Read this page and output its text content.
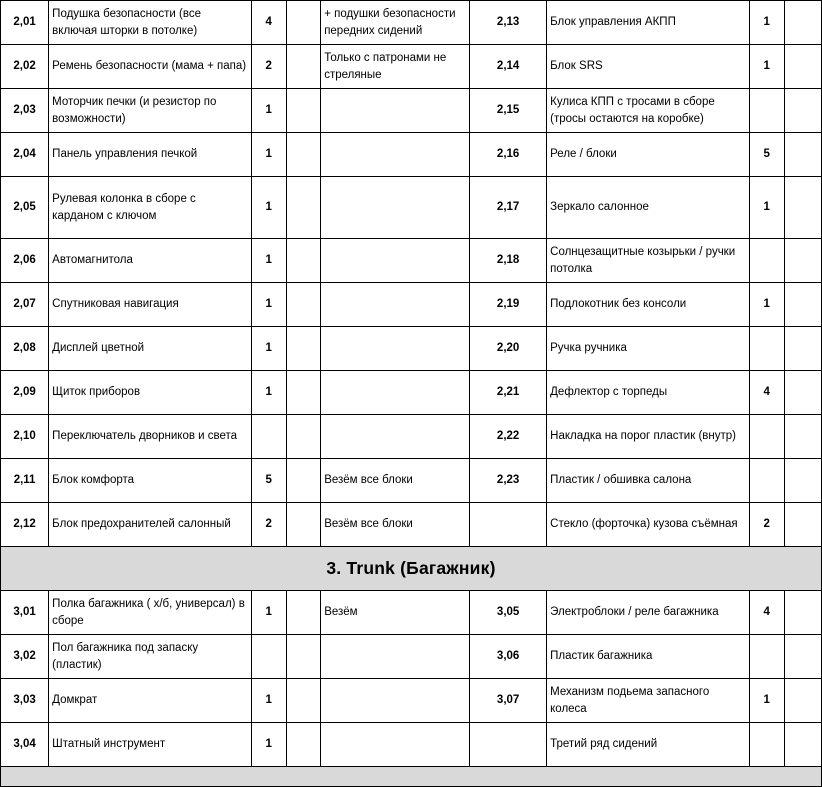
2,01	Подушка безопасности (все включая шторки в потолке)	4		+ подушки безопасности передних сидений	2,13	Блок управления АКПП	1	
2,02	Ремень безопасности (мама + папа)	2		Только с патронами не стреляные	2,14	Блок SRS	1	
2,03	Моторчик печки (и резистор по возможности)	1			2,15	Кулиса КПП с тросами в сборе (тросы остаются на коробке)		
2,04	Панель управления печкой	1			2,16	Реле / блоки	5	
2,05	Рулевая колонка в сборе с карданом с ключом	1			2,17	Зеркало салонное	1	
2,06	Автомагнитола	1			2,18	Солнцезащитные козырьки / ручки потолка		
2,07	Спутниковая навигация	1			2,19	Подлокотник без консоли	1	
2,08	Дисплей цветной	1			2,20	Ручка ручника		
2,09	Щиток приборов	1			2,21	Дефлектор с торпеды	4	
2,10	Переключатель дворников и света				2,22	Накладка на порог пластик (внутр)		
2,11	Блок комфорта	5		Везём все блоки	2,23	Пластик / обшивка салона		
2,12	Блок предохранителей салонный	2		Везём все блоки		Стекло (форточка) кузова съёмная	2	
3. Trunk (Багажник)								
3,01	Полка багажника ( х/б, универсал) в сборе	1		Везём	3,05	Электроблоки / реле багажника	4	
3,02	Пол багажника под запаску (пластик)				3,06	Пластик багажника		
3,03	Домкрат	1			3,07	Механизм подьема запасного колеса	1	
3,04	Штатный инструмент	1				Третий ряд сидений		
